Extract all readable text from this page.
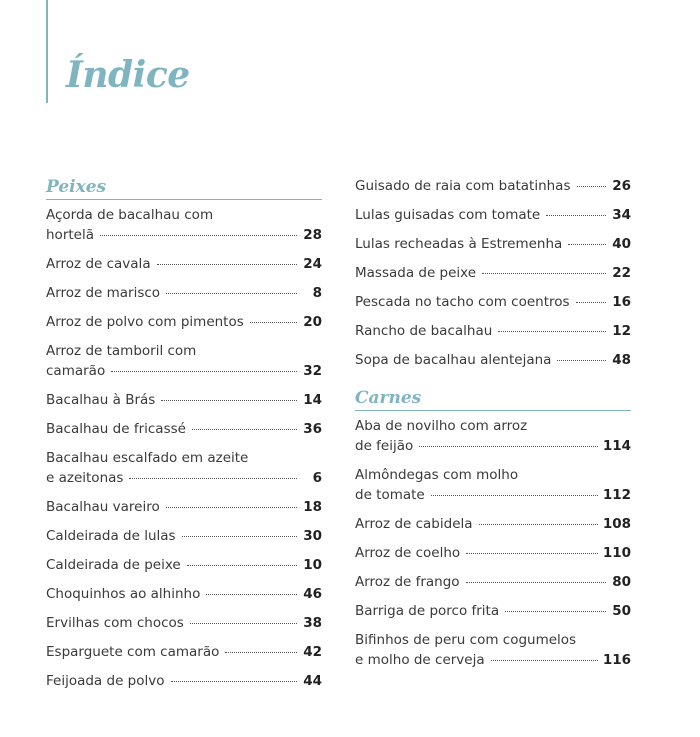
Índice
Peixes
Açorda de bacalhau com
hortelã	28
Arroz de cavala	24
Arroz de marisco	8
Arroz de polvo com pimentos	20
Arroz de tamboril com
camarão	32
Bacalhau à Brás	14
Bacalhau de fricassé	36
Bacalhau escalfado em azeite
e azeitonas	6
Bacalhau vareiro	18
Caldeirada de lulas	30
Caldeirada de peixe	10
Choquinhos ao alhinho	46
Ervilhas com chocos	38
Esparguete com camarão	42
Feijoada de polvo	44
Guisado de raia com batatinhas	26
Lulas guisadas com tomate	34
Lulas recheadas à Estremenha	40
Massada de peixe	22
Pescada no tacho com coentros	16
Rancho de bacalhau	12
Sopa de bacalhau alentejana	48
Carnes
Aba de novilho com arroz
de feijão	114
Almôndegas com molho
de tomate	112
Arroz de cabidela	108
Arroz de coelho	110
Arroz de frango	80
Barriga de porco frita	50
Bifinhos de peru com cogumelos
e molho de cerveja	116
